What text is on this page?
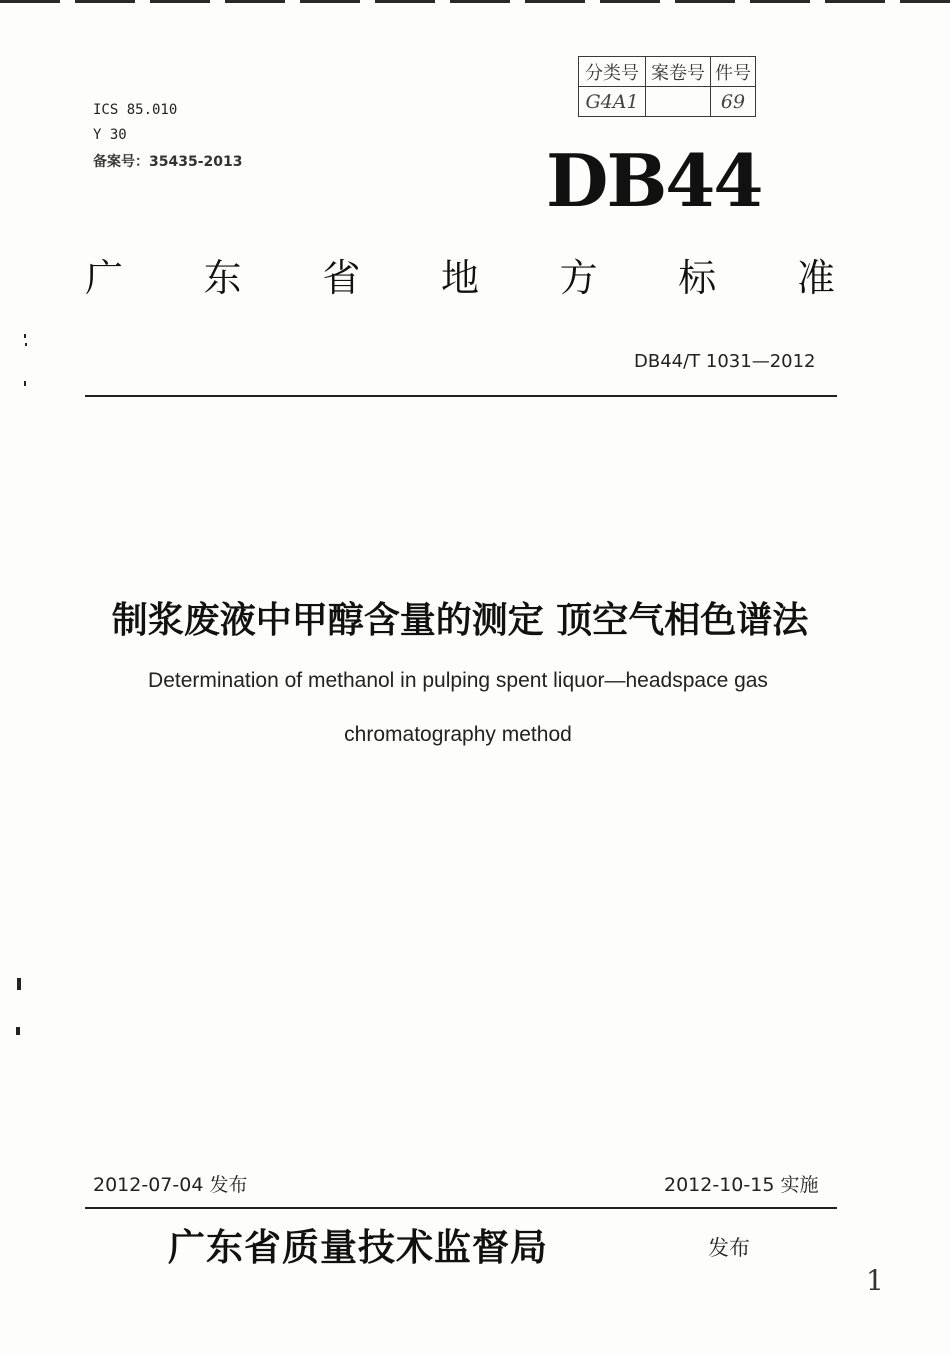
ICS 85.010
Y 30
备案号：35435-2013
分类号	案卷号	件号
G4A1		69
DB44
广 东 省 地 方 标 准
DB44/T 1031—2012
制浆废液中甲醇含量的测定 顶空气相色谱法
Determination of methanol in pulping spent liquor—headspace gas
chromatography method
2012-07-04 发布	2012-10-15 实施
广东省质量技术监督局	发布
1
